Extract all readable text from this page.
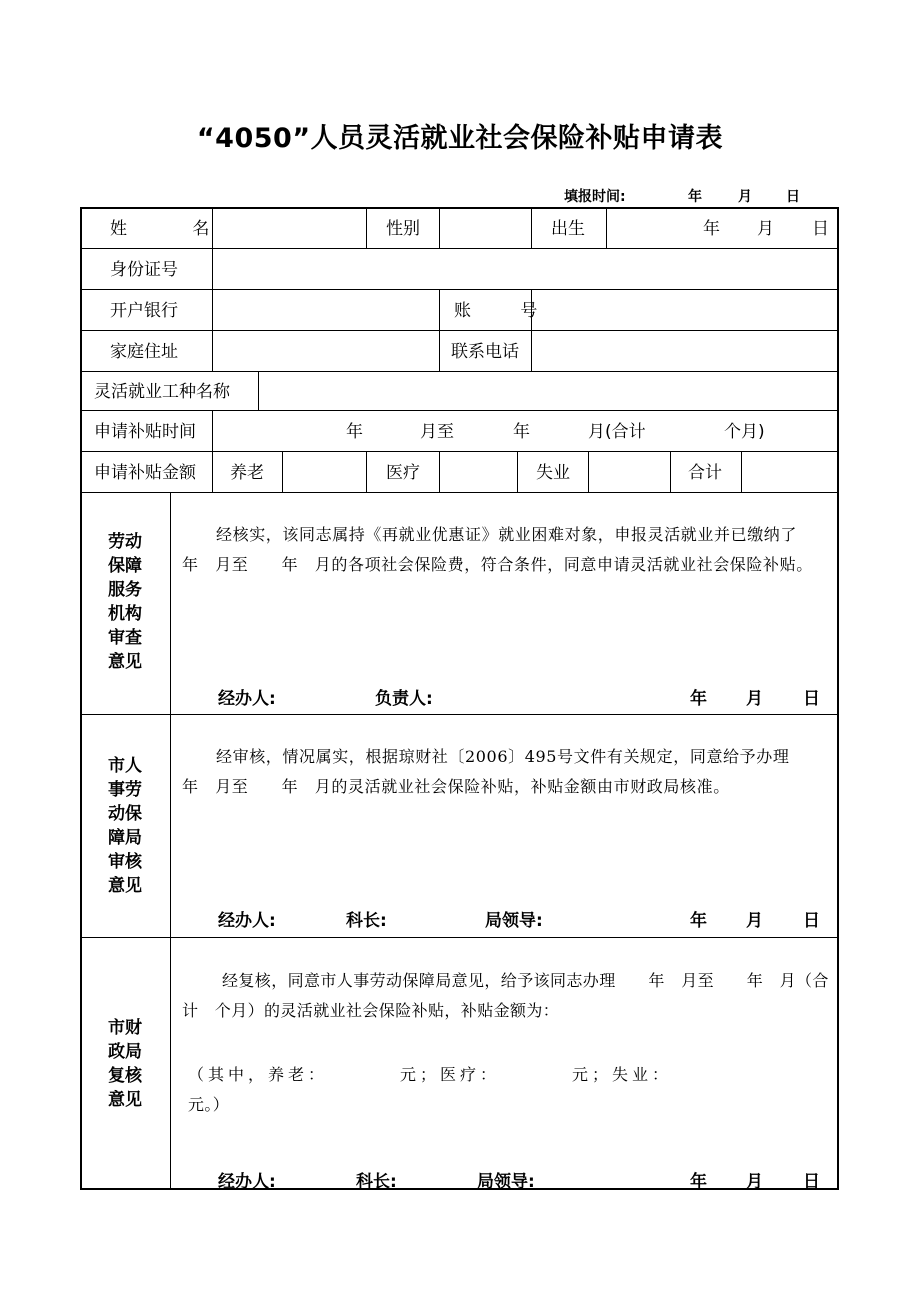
“4050”人员灵活就业社会保险补贴申请表
填报时间:	年	月 日
姓 名	性别	出生	年 月 日
身份证号
开户银行	账 号
家庭住址	联系电话
灵活就业工种名称
申请补贴时间	年	月至	年	月(合计	个月)
申请补贴金额 养老	医疗	失业	合计
劳动保障服务机构审查意见
经核实，该同志属持《再就业优惠证》就业困难对象，申报灵活就业并已缴纳了　　年　月至　　年　月的各项社会保险费，符合条件，同意申请灵活就业社会保险补贴。
经办人:	负责人:	年 月 日
市人事劳动保障局审核意见
经审核，情况属实，根据琼财社〔2006〕495号文件有关规定，同意给予办理　　年　月至　　年　月的灵活就业社会保险补贴，补贴金额由市财政局核准。
经办人:	科长:	局领导:	年 月 日
市财政局复核意见
经复核，同意市人事劳动保障局意见，给予该同志办理　　年　月至　　年　月（合计　个月）的灵活就业社会保险补贴，补贴金额为：
（其中，养老：　　　　元；医疗：　　　　元；失业：
元。）
经办人:	科长:	局领导:	年 月 日
